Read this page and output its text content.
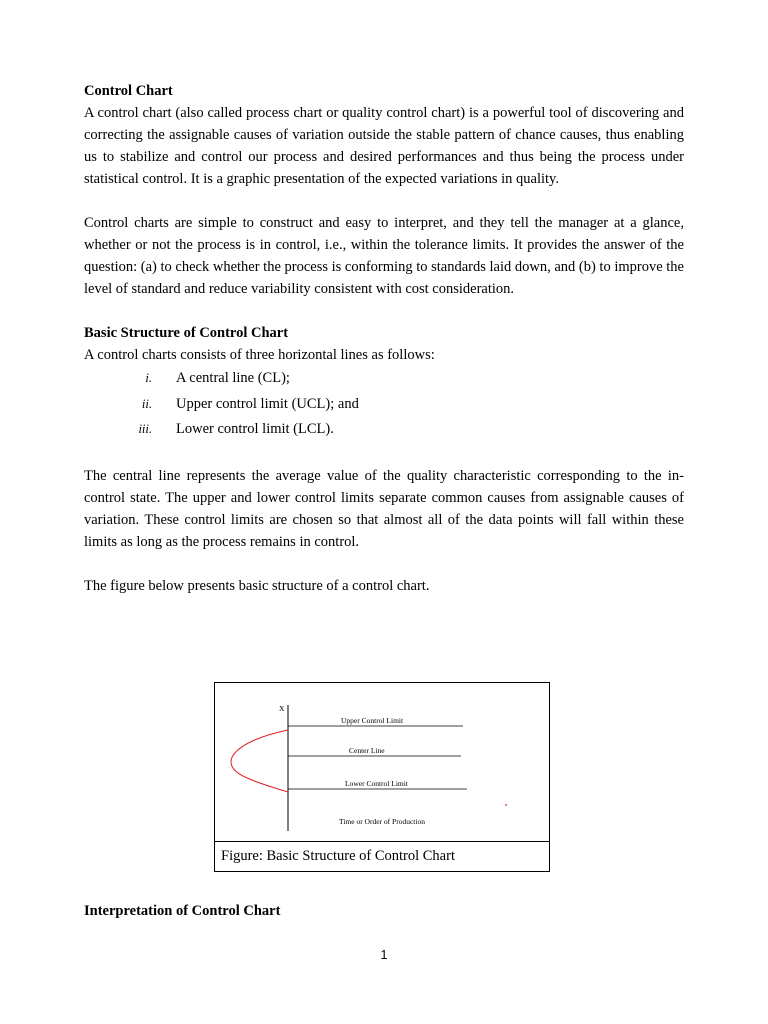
Control Chart

A control chart (also called process chart or quality control chart) is a powerful tool of discovering and correcting the assignable causes of variation outside the stable pattern of chance causes, thus enabling us to stabilize and control our process and desired performances and thus being the process under statistical control. It is a graphic presentation of the expected variations in quality.

Control charts are simple to construct and easy to interpret, and they tell the manager at a glance, whether or not the process is in control, i.e., within the tolerance limits. It provides the answer of the question: (a) to check whether the process is conforming to standards laid down, and (b) to improve the level of standard and reduce variability consistent with cost consideration.

Basic Structure of Control Chart

A control charts consists of three horizontal lines as follows:

i. A central line (CL);
ii. Upper control limit (UCL); and
iii. Lower control limit (LCL).

The central line represents the average value of the quality characteristic corresponding to the in-control state. The upper and lower control limits separate common causes from assignable causes of variation. These control limits are chosen so that almost all of the data points will fall within these limits as long as the process remains in control.

The figure below presents basic structure of a control chart.

X
Upper Control Limit
Center Line
Lower Control Limit
Time or Order of Production
Figure: Basic Structure of Control Chart
Interpretation of Control Chart
1
